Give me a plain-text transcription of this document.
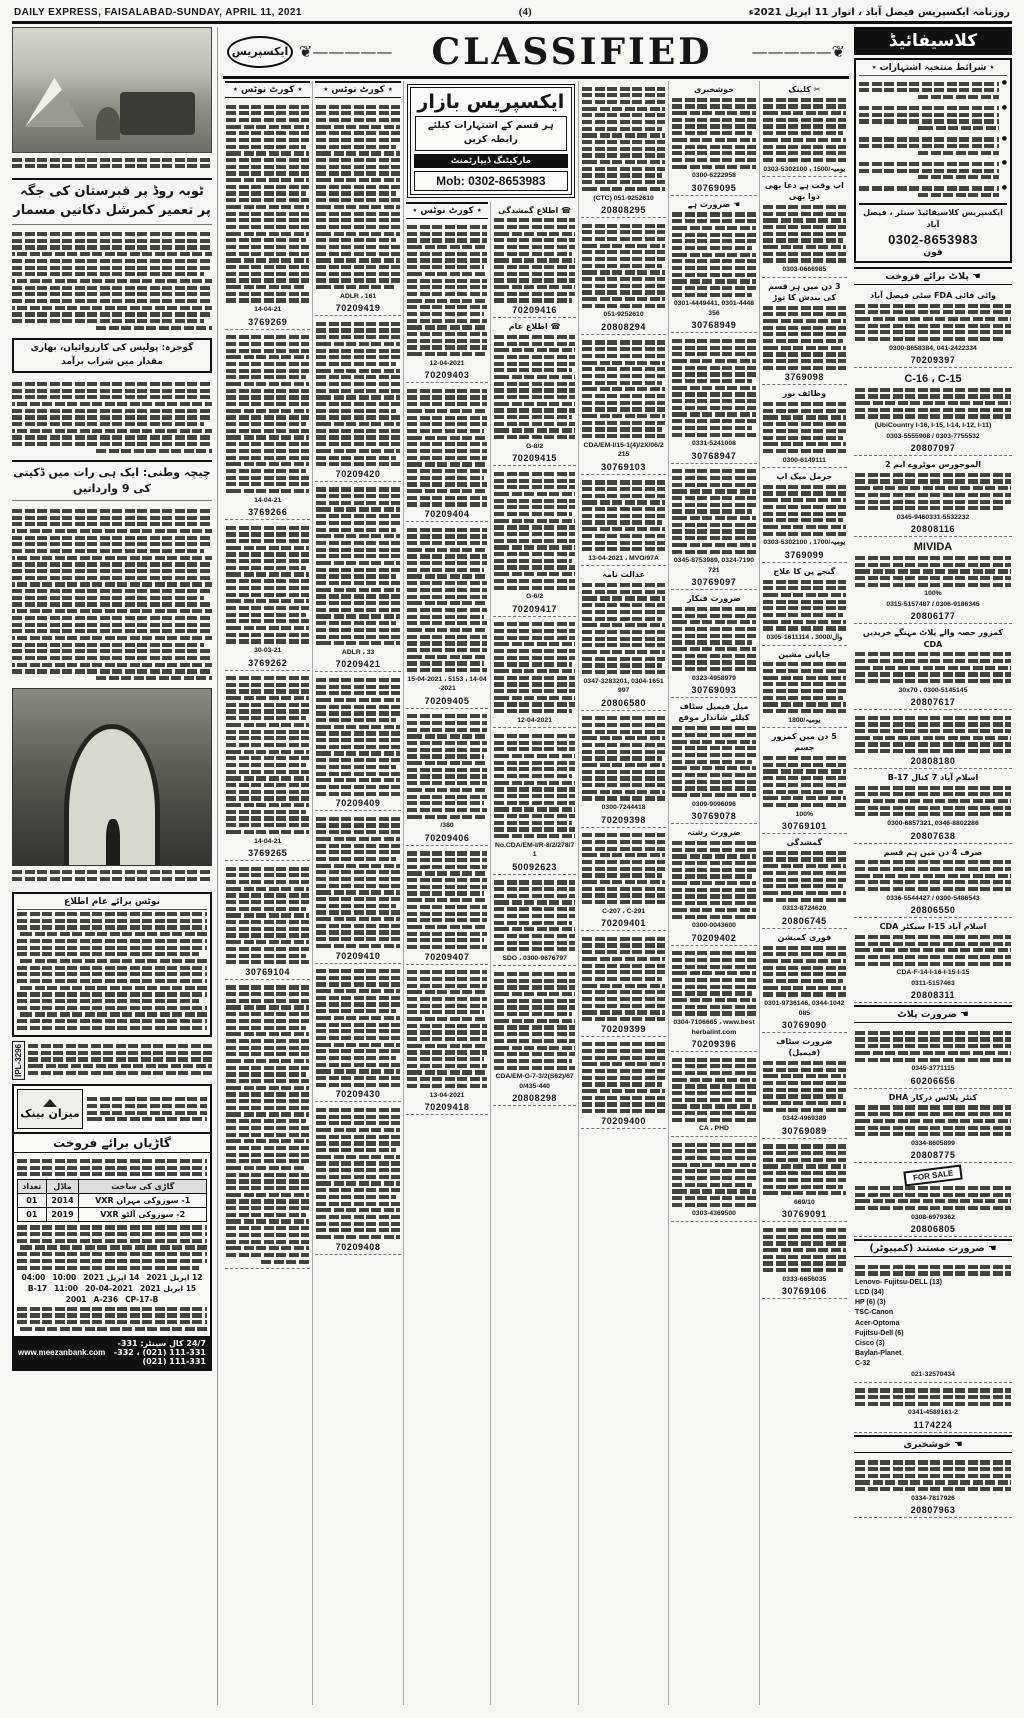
DAILY EXPRESS, FAISALABAD-SUNDAY, APRIL 11, 2021	(4)	روزنامہ ایکسپریس فیصل آباد ، اتوار 11 اپریل 2021ء
ٹوبہ روڈ پر قبرستان کی جگہ پر تعمیر کمرشل دکانیں مسمار
گوجرہ: پولیس کی کارروائیاں، بھاری مقدار میں شراب برآمد
چیچہ وطنی: ایک ہی رات میں ڈکیتی کی 9 وارداتیں
نوٹس برائے عام اطلاع
IPL-3296
میزان بینک
گاڑیاں برائے فروخت
گاڑی کی ساخت	ماڈل	تعداد
1- سوزوکی مہران VXR	2014	01
2- سوزوکی آلٹو VXR	2019	01
12 اپریل 2021
14 اپریل 2021
10:00
04:00
15 اپریل 2021
20-04-2021
11:00
B-17
CP-17-B
236-A
2001
www.meezanbank.com
24/7 کال سینٹر: 331-331-111 (021) ، 332-331-111 (021)
ایکسپریس ❦—————	CLASSIFIED	—————❦
٭ کورٹ نوٹس ٭
14-04-21
3769269
14-04-21
3769266
30-03-21
3769262
14-04-21
3769265
30769104
٭ کورٹ نوٹس ٭
ADLR ، 161
70209419
70209420
ADLR ، 33
70209421
70209409
70209410
70209430
70209408
ایکسپریس بازار
ہر قسم کے اشتہارات کیلئے رابطہ کریں
مارکیٹنگ ڈیپارٹمنٹ
Mob: 0302-8653983
٭ کورٹ نوٹس ٭
12-04-2021
70209403
70209404
15-04-2021 ، 5153 ، 14-04-2021
70209405
/380
70209406
70209407
13-04-2021
70209418
☎ اطلاع گمشدگی
70209416
☎ اطلاع عام
G-8/2
70209415
G-6/2
70209417
12-04-2021
No.CDA/EM-I/R-8/2/278/71
50092623
SDO ، 0300-9676797
CDA/EM-G-7-3/2(S62)/670/435-440
20808298
(CTC) 051-9252610
20808295
051-9252610
20808294
CDA/EM-I/15-1(4)/2X/06/2215
30769103
13-04-2021 ، MVO/97A
عدالت نامہ
0347-3283201, 0304-1651997
20806580
0300-7244418
70209398
C-207 ، C-291
70209401
70209399
70209400
خوشخبری
0300-6222958
30769095
☚ ضرورت ہے
0301-4449441, 0301-4448356
30768949
0331-5241008
30768947
0345-8753989, 0324-7190721
30769097
ضرورت فنکار
0323-4958979
30769093
میل فیمیل سٹاف کیلئے شاندار موقع
0309-9096096
30769078
ضرورت رشتہ
0300-0043600
70209402
0304-7106665 ، www.bestherbalint.com
70209396
CA ، PHD
0303-4369500
✂ کلینک
0303-5302100 ، یومیہ/1500
اب وقت ہے دعا بھی دوا بھی
0303-0666985
3 دن میں ہر قسم کی بندش کا توڑ
3769098
وظائف نور
0300-6149111
جرمل میک اپ
0303-5302100 ، یومیہ/1700
3769099
گنجے پن کا علاج
0305-1611114 ، 3000/وال
جاپانی مشین
یومیہ/1800
5 دن میں کمزور جسم
100%
30769101
گمشدگی
0313-8724620
20806745
فوری کمیشن
0301-9736146, 0344-1042085
30769090
ضرورت سٹاف (فیمیل)
0342-4969389
30769089
669/10
30769091
0333-6656035
30769106
کلاسیفائیڈ
٭ شرائط منتخبہ اشتہارات ٭
●
●
●
●
●
ایکسپریس کلاسیفائیڈ سنٹر ، فیصل آباد
0302-8653983
فون
☚ پلاٹ برائے فروخت
وائی فائی FDA سٹی فیصل آباد
0300-8658384, 041-2422334
70209397
C-16 ، C-15
(UbiCountry I-16, I-15, I-14, I-12, I-11)
0303-5555908 / 0303-7755532
20807097
الموجورس موٹروے ایم 2
0345-9460331-5532232
20808116
MIVIDA
100%
0315-5157487 / 0306-9186345
20806177
کمزور حصہ والے پلاٹ مہنگے خریدیں CDA
30x70 ، 0300-5145145
20807617
20808180
اسلام آباد 7 کنال B-17
0300-6857321, 0346-8802286
20807638
صرف 4 دن میں ہم قسم
0336-5544427 / 0300-5486543
20806550
اسلام آباد I-15 سیکٹر CDA
CDA-F-14-I-16-I-15-I-15
0311-5157463
20808311
☚ ضرورت پلاٹ
0345-3771115
60206656
کنٹر پلاٹس درکار DHA
0334-8605899
20808775
FOR SALE
0308-6979362
20806805
☚ ضرورت مستند (کمپیوٹر)
Lenovo- Fujitsu-DELL (13)
LCD (34)
HP (6) (3)
TSC-Canon
Acer-Optoma
Fujitsu-Dell (6)
Cisco (3)
Baylan-Planet
C-32
021-32570434
0341-4589161-2
1174224
☚ خوشخبری
0334-7817926
20807963
